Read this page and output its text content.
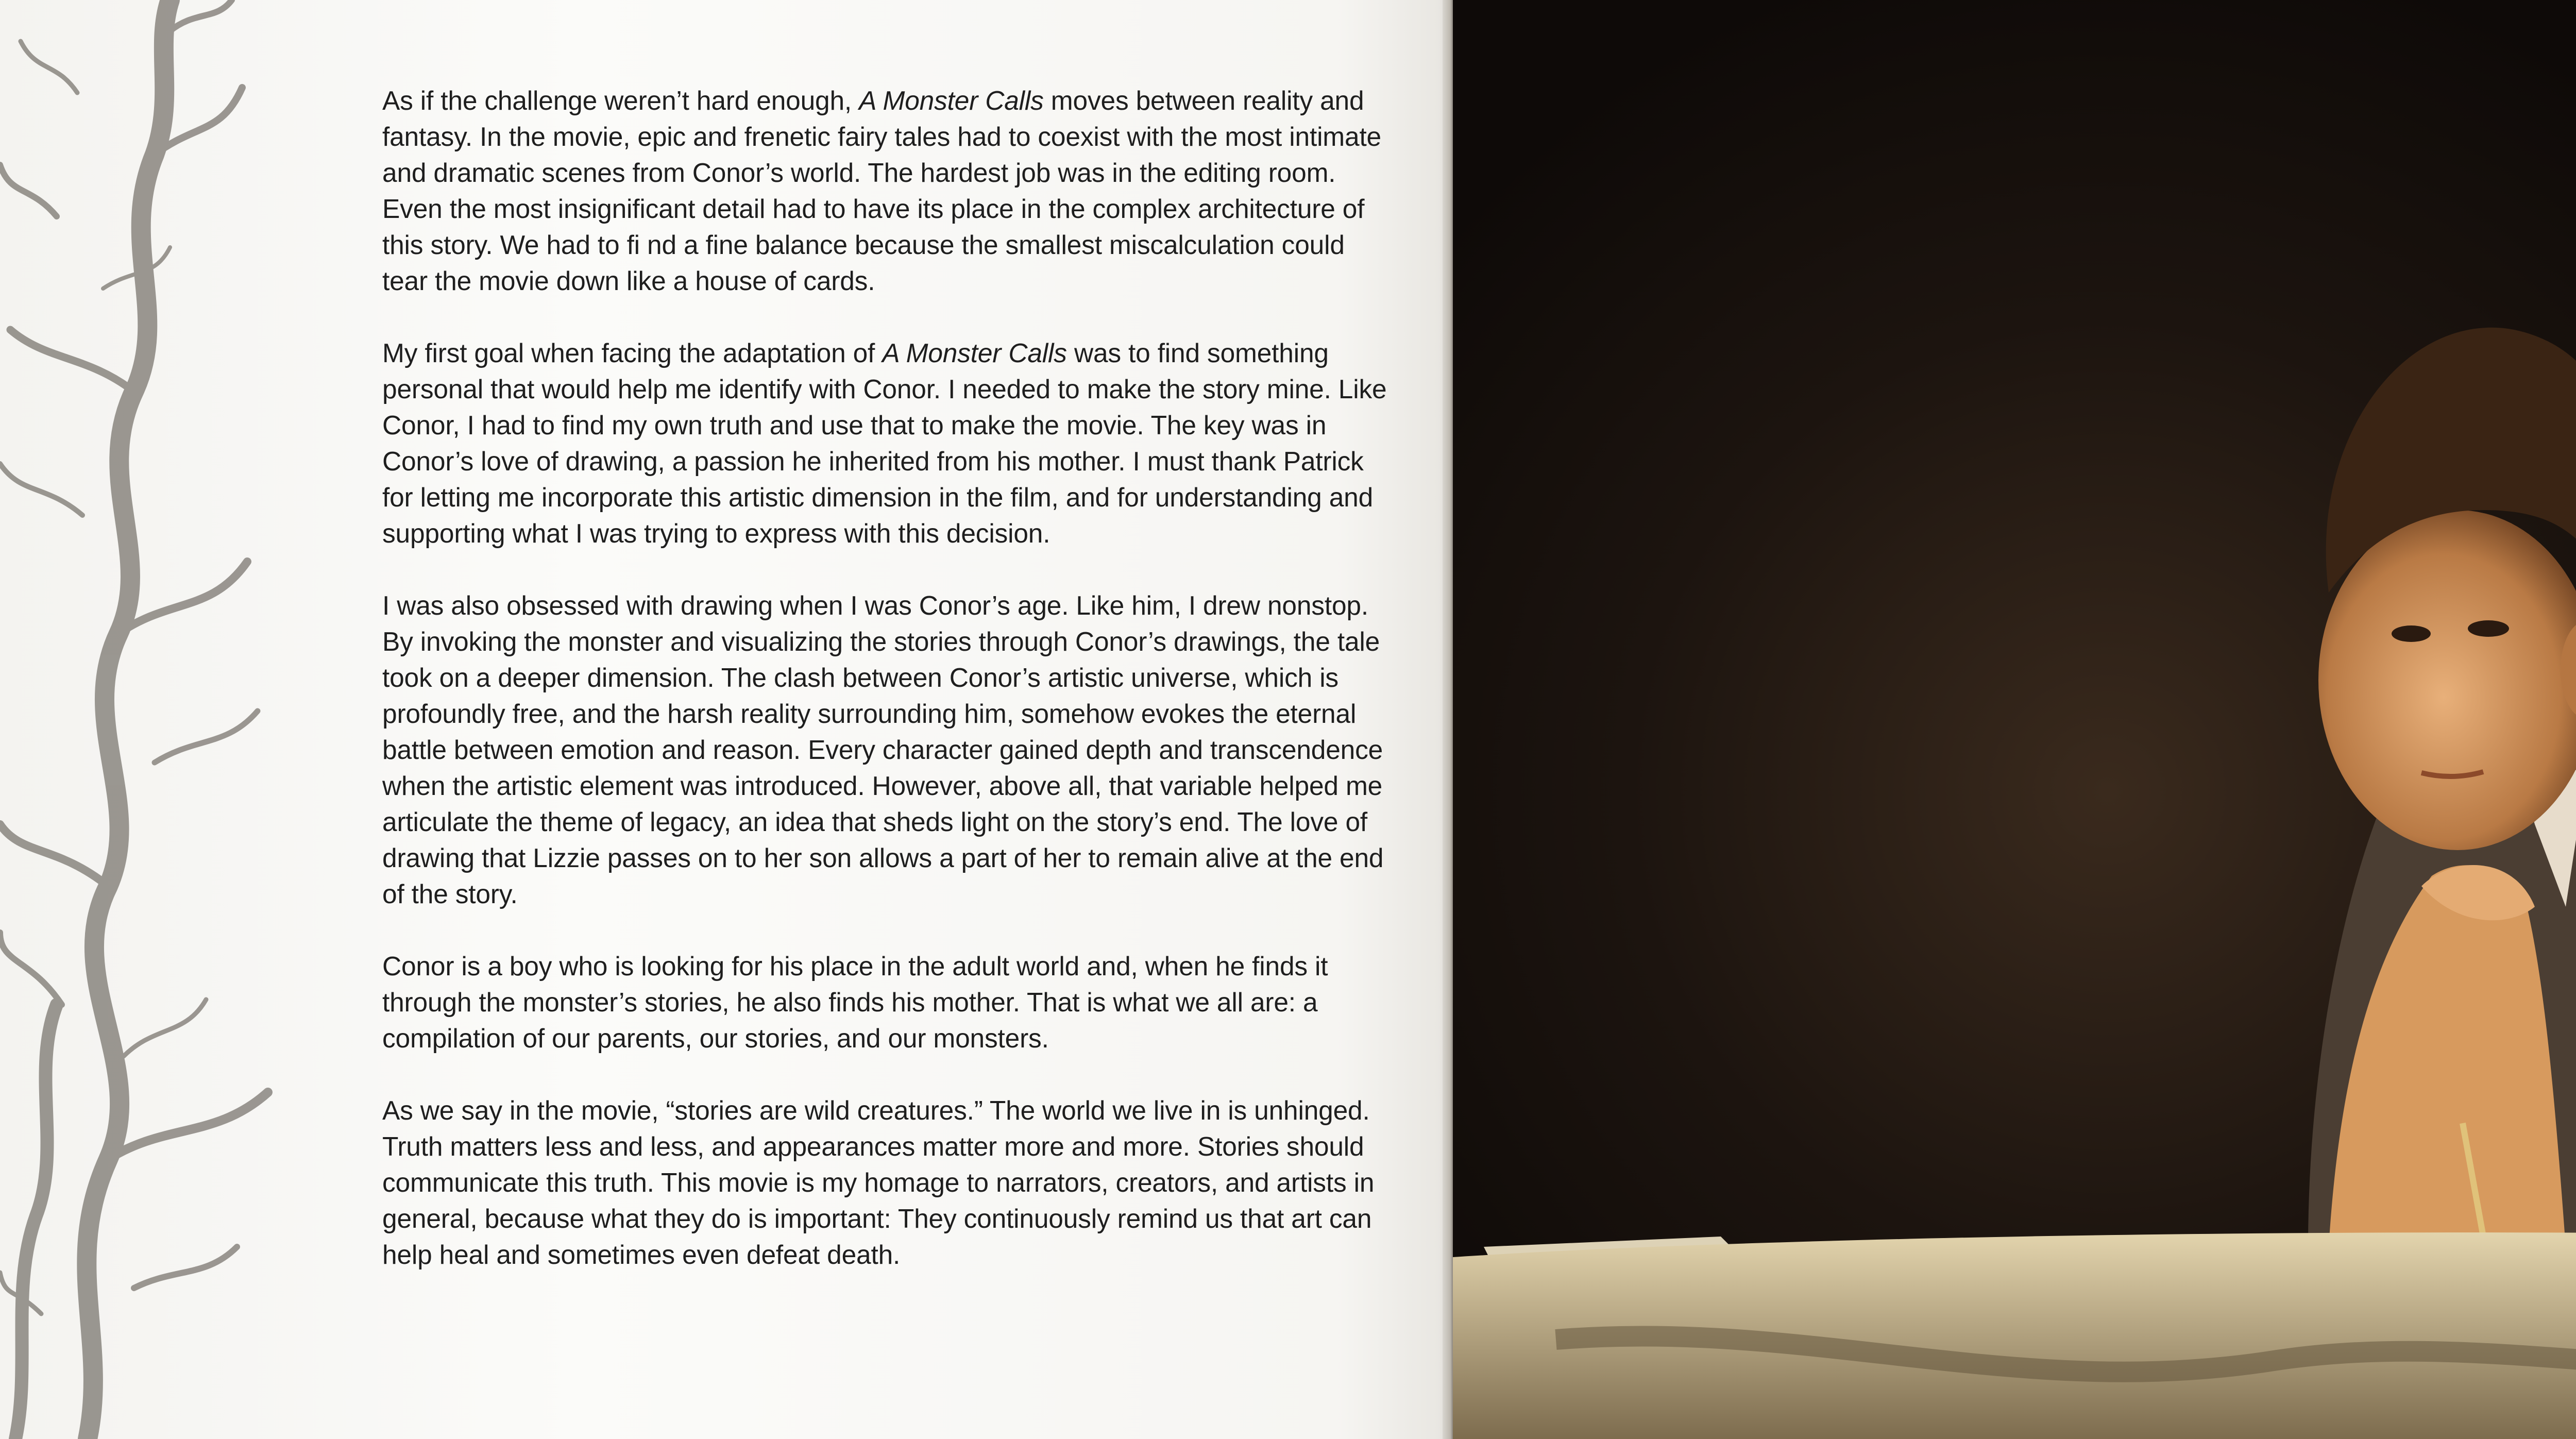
As if the challenge weren’t hard enough, A Monster Calls moves between reality and fantasy. In the movie, epic and frenetic fairy tales had to coexist with the most intimate and dramatic scenes from Conor’s world. The hardest job was in the editing room. Even the most insignificant detail had to have its place in the complex architecture of this story. We had to fi nd a fine balance because the smallest miscalculation could tear the movie down like a house of cards.

My first goal when facing the adaptation of A Monster Calls was to find something personal that would help me identify with Conor. I needed to make the story mine. Like Conor, I had to find my own truth and use that to make the movie. The key was in Conor’s love of drawing, a passion he inherited from his mother. I must thank Patrick for letting me incorporate this artistic dimension in the film, and for understanding and supporting what I was trying to express with this decision.

I was also obsessed with drawing when I was Conor’s age. Like him, I drew nonstop. By invoking the monster and visualizing the stories through Conor’s drawings, the tale took on a deeper dimension. The clash between Conor’s artistic universe, which is profoundly free, and the harsh reality surrounding him, somehow evokes the eternal battle between emotion and reason. Every character gained depth and transcendence when the artistic element was introduced. However, above all, that variable helped me articulate the theme of legacy, an idea that sheds light on the story’s end. The love of drawing that Lizzie passes on to her son allows a part of her to remain alive at the end of the story.

Conor is a boy who is looking for his place in the adult world and, when he finds it through the monster’s stories, he also finds his mother. That is what we all are: a compilation of our parents, our stories, and our monsters.

As we say in the movie, “stories are wild creatures.” The world we live in is unhinged. Truth matters less and less, and appearances matter more and more. Stories should communicate this truth. This movie is my homage to narrators, creators, and artists in general, because what they do is important: They continuously remind us that art can help heal and sometimes even defeat death.
